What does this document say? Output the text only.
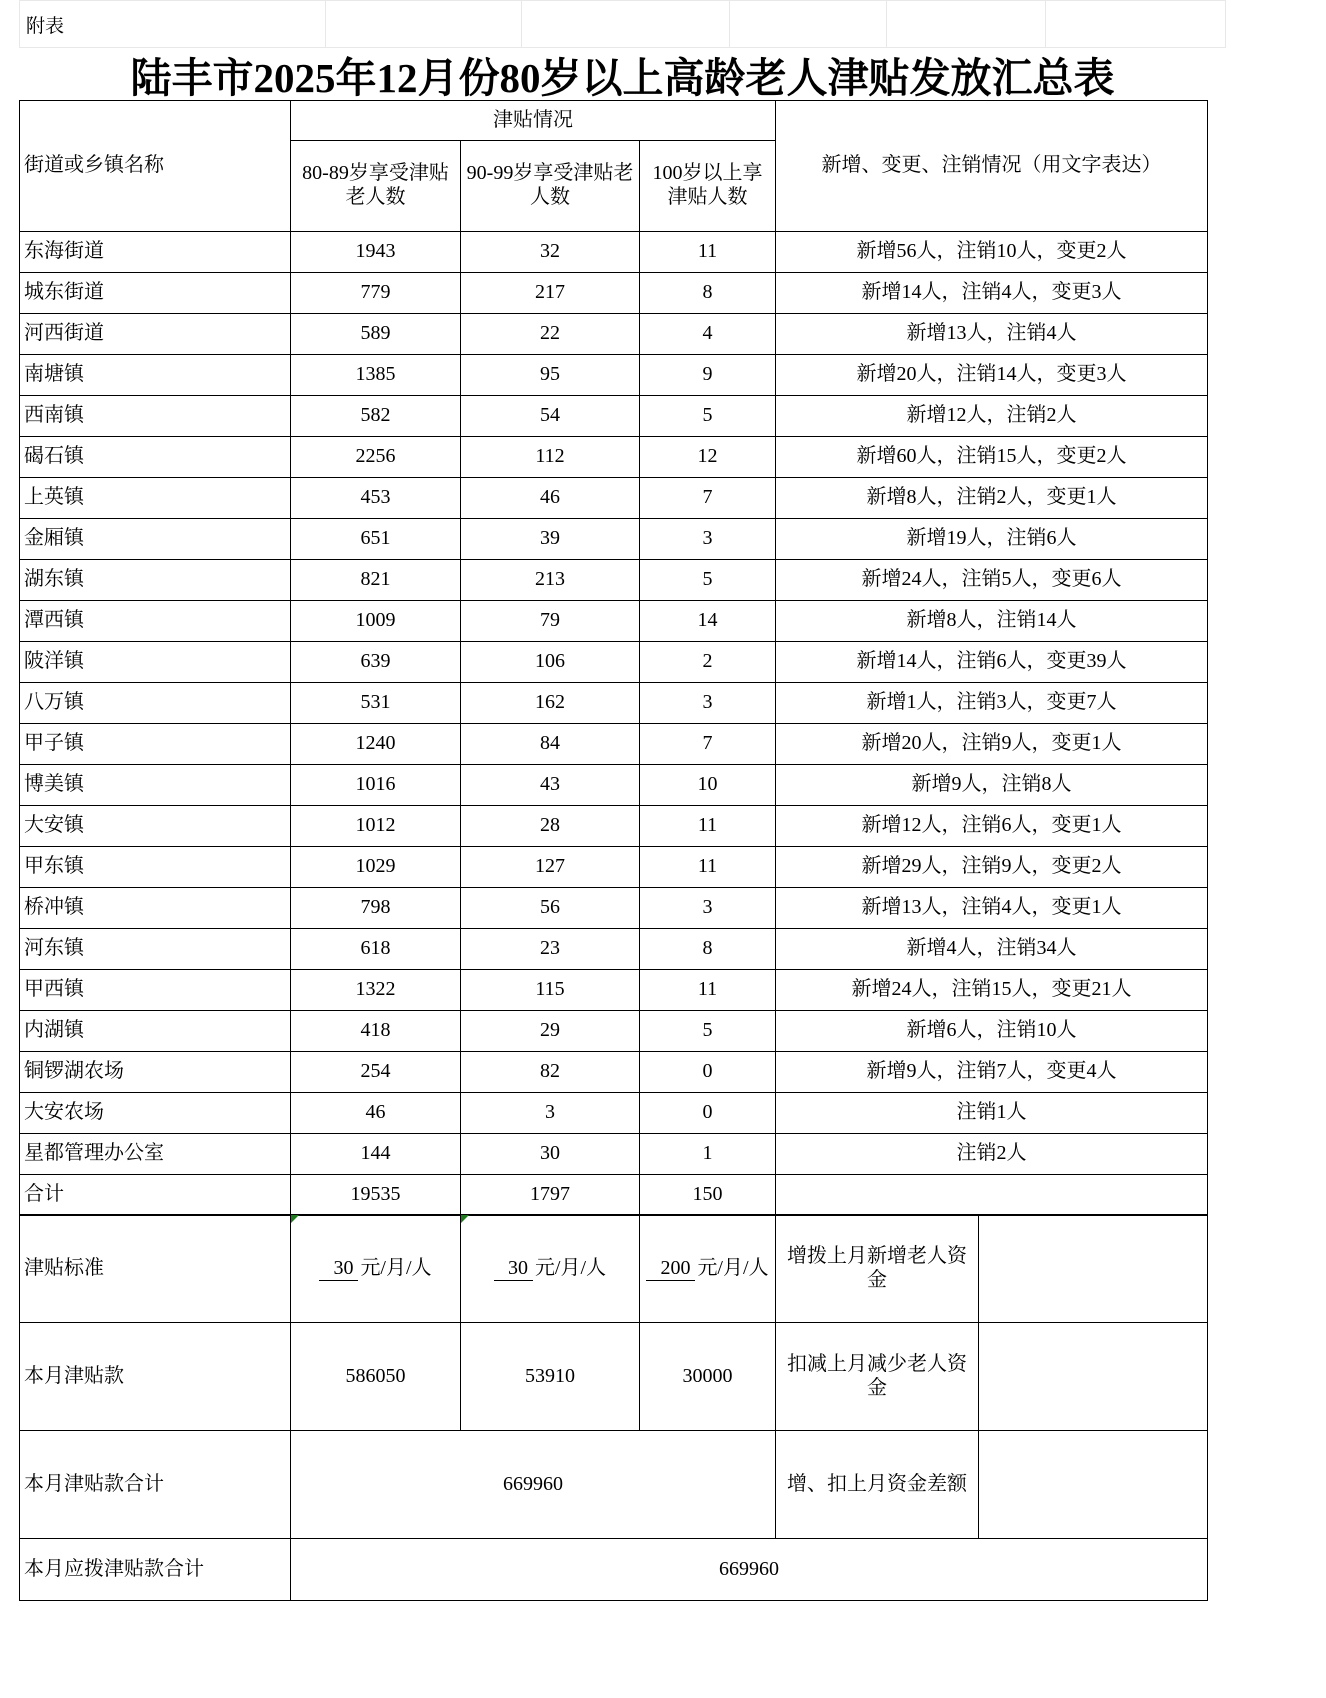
附表					
陆丰市2025年12月份80岁以上高龄老人津贴发放汇总表
街道或乡镇名称	津贴情况			新增、变更、注销情况（用文字表达）
	80-89岁享受津贴老人数	90-99岁享受津贴老人数	100岁以上享津贴人数	
东海街道	1943	32	11	新增56人，注销10人，变更2人
城东街道	779	217	8	新增14人，注销4人，变更3人
河西街道	589	22	4	新增13人，注销4人
南塘镇	1385	95	9	新增20人，注销14人，变更3人
西南镇	582	54	5	新增12人，注销2人
碣石镇	2256	112	12	新增60人，注销15人，变更2人
上英镇	453	46	7	新增8人，注销2人，变更1人
金厢镇	651	39	3	新增19人，注销6人
湖东镇	821	213	5	新增24人，注销5人，变更6人
潭西镇	1009	79	14	新增8人，注销14人
陂洋镇	639	106	2	新增14人，注销6人，变更39人
八万镇	531	162	3	新增1人，注销3人，变更7人
甲子镇	1240	84	7	新增20人，注销9人，变更1人
博美镇	1016	43	10	新增9人，注销8人
大安镇	1012	28	11	新增12人，注销6人，变更1人
甲东镇	1029	127	11	新增29人，注销9人，变更2人
桥冲镇	798	56	3	新增13人，注销4人，变更1人
河东镇	618	23	8	新增4人，注销34人
甲西镇	1322	115	11	新增24人，注销15人，变更21人
内湖镇	418	29	5	新增6人，注销10人
铜锣湖农场	254	82	0	新增9人，注销7人，变更4人
大安农场	46	3	0	注销1人
星都管理办公室	144	30	1	注销2人
合计	19535	1797	150	
津贴标准	30 元/月/人	30 元/月/人	200 元/月/人	增拨上月新增老人资金	
本月津贴款	586050	53910	30000	扣减上月减少老人资金	
本月津贴款合计	669960			增、扣上月资金差额	
本月应拨津贴款合计	669960				
